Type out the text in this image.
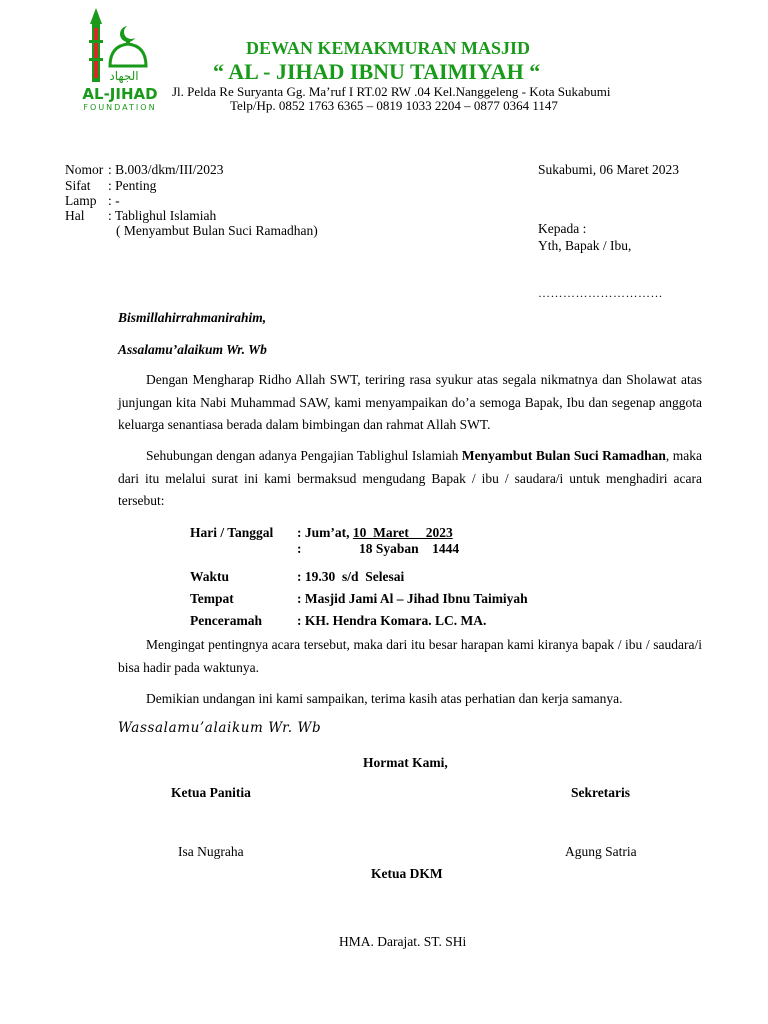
الجهاد
AL-JIHAD
FOUNDATION
DEWAN KEMAKMURAN MASJID
“ AL - JIHAD IBNU TAIMIYAH “
Jl. Pelda Re Suryanta Gg. Ma’ruf I RT.02 RW .04 Kel.Nanggeleng - Kota Sukabumi
Telp/Hp. 0852 1763 6365 – 0819 1033 2204 – 0877 0364 1147
Nomor : B.003/dkm/III/2023
Sifat : Penting
Lamp : -
Hal : Tablighul Islamiah
( Menyambut Bulan Suci Ramadhan)
Sukabumi, 06 Maret 2023
Kepada :
Yth, Bapak / Ibu,
…………………………
Bismillahirrahmanirahim,
Assalamu’alaikum Wr. Wb
Dengan Mengharap Ridho Allah SWT, teriring rasa syukur atas segala nikmatnya dan Sholawat atas junjungan kita Nabi Muhammad SAW, kami menyampaikan do’a semoga Bapak, Ibu dan segenap anggota keluarga senantiasa berada dalam bimbingan dan rahmat Allah SWT.
Sehubungan dengan adanya Pengajian Tablighul Islamiah Menyambut Bulan Suci Ramadhan, maka dari itu melalui surat ini kami bermaksud mengudang Bapak / ibu / saudara/i untuk menghadiri acara tersebut:
Hari / Tanggal : Jum’at, 10  Maret     2023
:	18 Syaban    1444
Waktu	: 19.30  s/d  Selesai
Tempat	: Masjid Jami Al – Jihad Ibnu Taimiyah
Penceramah	: KH. Hendra Komara. LC. MA.
Mengingat pentingnya acara tersebut, maka dari itu besar harapan kami kiranya bapak / ibu / saudara/i bisa hadir pada waktunya.
Demikian undangan ini kami sampaikan, terima kasih atas perhatian dan kerja samanya.
Wassalamu’alaikum Wr. Wb
Hormat Kami,
Ketua Panitia	Sekretaris
Isa Nugraha	Agung Satria
Ketua DKM
HMA. Darajat. ST. SHi
